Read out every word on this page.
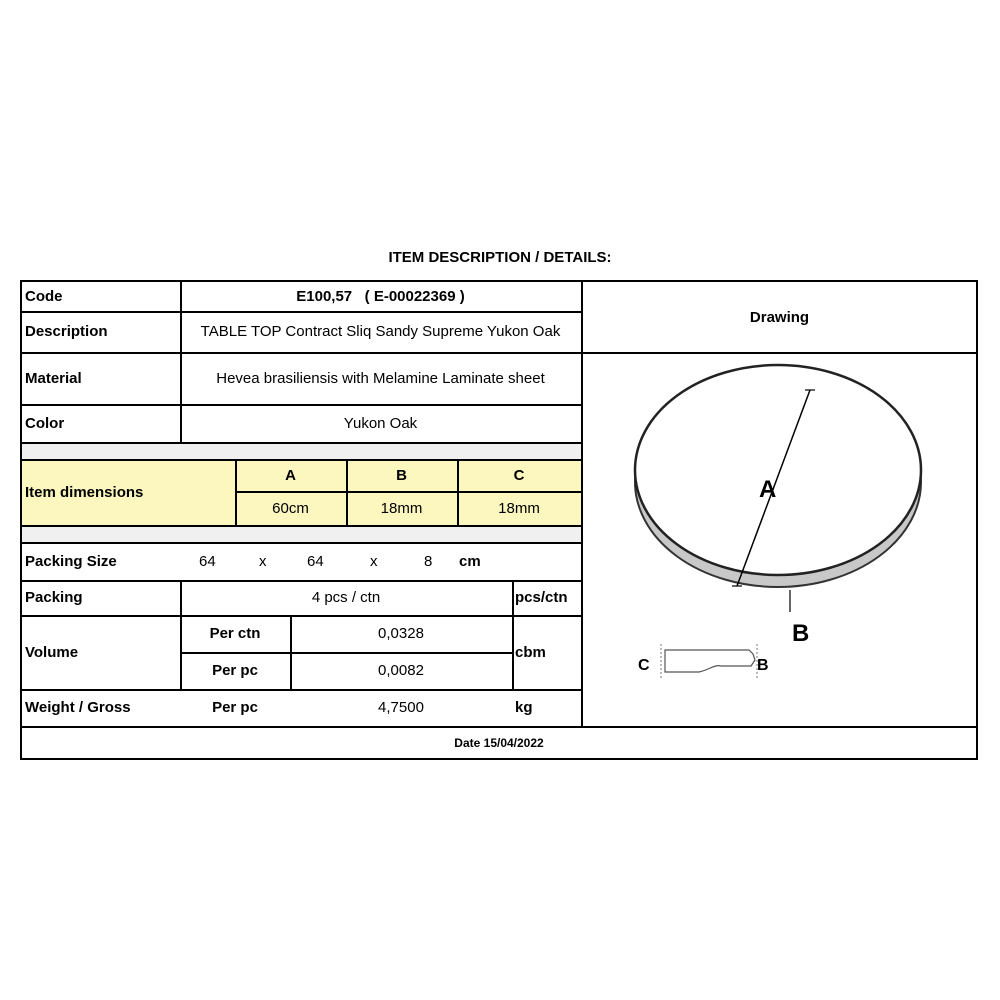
ITEM DESCRIPTION / DETAILS:
Code	E100,57   ( E-00022369 )
Description	TABLE TOP Contract Sliq Sandy Supreme Yukon Oak
Material	Hevea brasiliensis with Melamine Laminate sheet
Color	Yukon Oak
Item dimensions
A	B	C
60cm	18mm	18mm
Packing Size	64	x	64	x	8	cm
Packing	4 pcs / ctn	pcs/ctn
Volume
Per ctn	0,0328
Per pc	0,0082
cbm
Weight / Gross	Per pc	4,7500	kg
Drawing
A
B
C	B
Date 15/04/2022
